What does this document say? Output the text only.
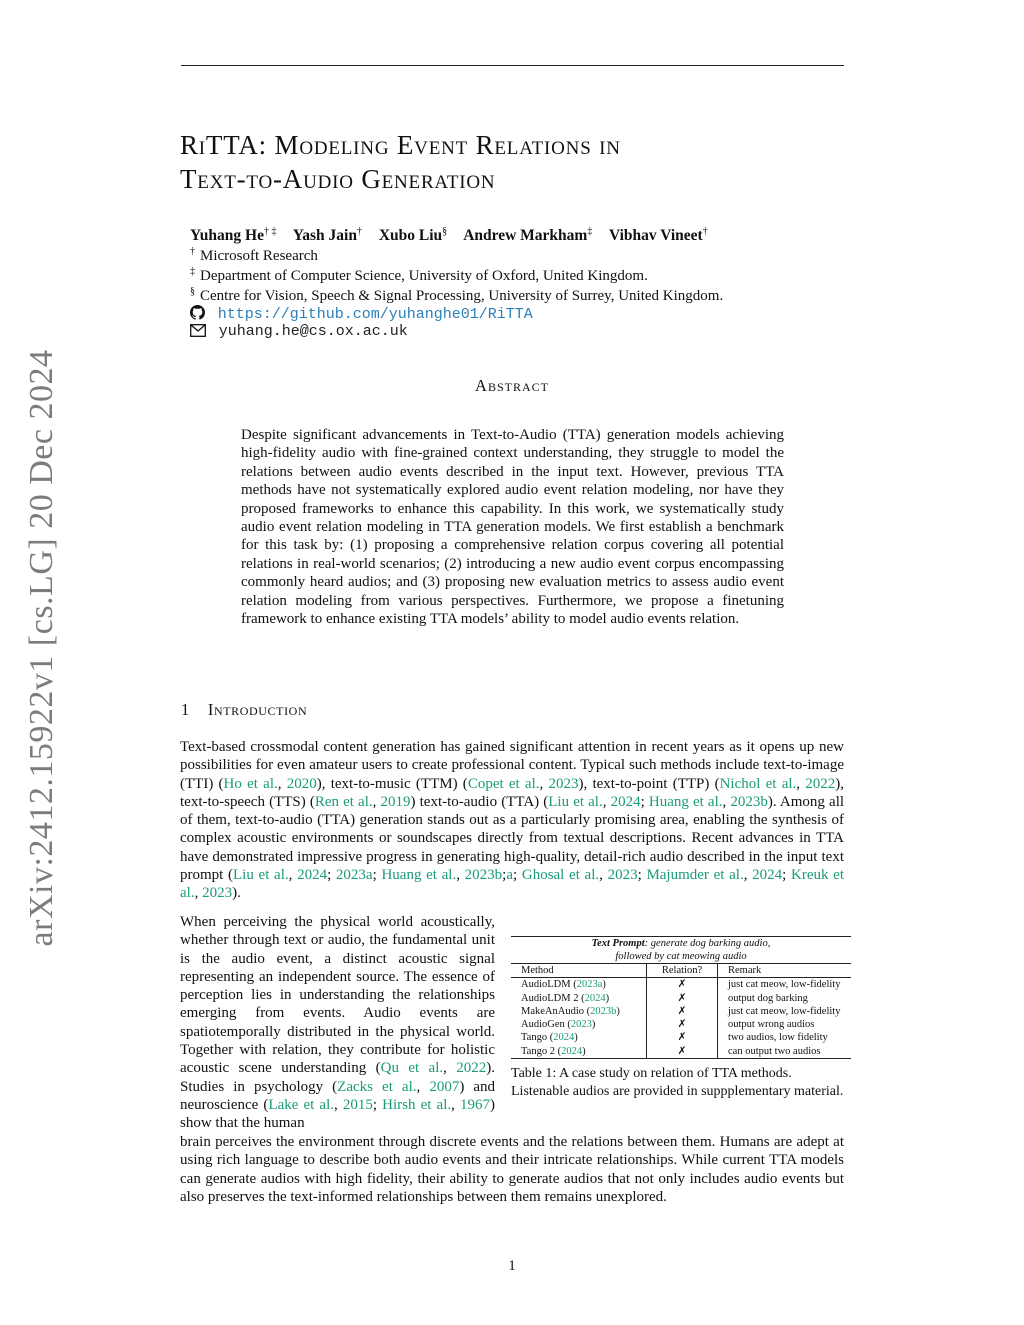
arXiv:2412.15922v1 [cs.LG] 20 Dec 2024
RiTTA: Modeling Event Relations in
Text-to-Audio Generation
Yuhang He† ‡ Yash Jain† Xubo Liu§ Andrew Markham‡ Vibhav Vineet†
† Microsoft Research
‡ Department of Computer Science, University of Oxford, United Kingdom.
§ Centre for Vision, Speech & Signal Processing, University of Surrey, United Kingdom.
https://github.com/yuhanghe01/RiTTA
yuhang.he@cs.ox.ac.uk
Abstract
Despite significant advancements in Text-to-Audio (TTA) generation models achieving high-fidelity audio with fine-grained context understanding, they struggle to model the relations between audio events described in the input text. However, previous TTA methods have not systematically explored audio event relation modeling, nor have they proposed frameworks to enhance this capability. In this work, we systematically study audio event relation modeling in TTA generation models. We first establish a benchmark for this task by: (1) proposing a comprehensive relation corpus covering all potential relations in real-world scenarios; (2) introducing a new audio event corpus encompassing commonly heard audios; and (3) proposing new evaluation metrics to assess audio event relation modeling from various perspectives. Furthermore, we propose a finetuning framework to enhance existing TTA models’ ability to model audio events relation.
1 Introduction
Text-based crossmodal content generation has gained significant attention in recent years as it opens up new possibilities for even amateur users to create professional content. Typical such methods include text-to-image (TTI) (Ho et al., 2020), text-to-music (TTM) (Copet et al., 2023), text-to-point (TTP) (Nichol et al., 2022), text-to-speech (TTS) (Ren et al., 2019) text-to-audio (TTA) (Liu et al., 2024; Huang et al., 2023b). Among all of them, text-to-audio (TTA) generation stands out as a particularly promising area, enabling the synthesis of complex acoustic environments or soundscapes directly from textual descriptions. Recent advances in TTA have demonstrated impressive progress in generating high-quality, detail-rich audio described in the input text prompt (Liu et al., 2024; 2023a; Huang et al., 2023b;a; Ghosal et al., 2023; Majumder et al., 2024; Kreuk et al., 2023).
When perceiving the physical world acoustically, whether through text or audio, the fundamental unit is the audio event, a distinct acoustic signal representing an independent source. The essence of perception lies in understanding the relationships emerging from events. Audio events are spatiotemporally distributed in the physical world. Together with relation, they contribute for holistic acoustic scene understanding (Qu et al., 2022). Studies in psychology (Zacks et al., 2007) and neuroscience (Lake et al., 2015; Hirsh et al., 1967) show that the human
Text Prompt: generate dog barking audio,
followed by cat meowing audio
Method	Relation?	Remark
AudioLDM (2023a)	✗	just cat meow, low-fidelity
AudioLDM 2 (2024)	✗	output dog barking
MakeAnAudio (2023b)	✗	just cat meow, low-fidelity
AudioGen (2023)	✗	output wrong audios
Tango (2024)	✗	two audios, low fidelity
Tango 2 (2024)	✗	can output two audios
Table 1: A case study on relation of TTA methods. Listenable audios are provided in suppplementary material.
brain perceives the environment through discrete events and the relations between them. Humans are adept at using rich language to describe both audio events and their intricate relationships. While current TTA models can generate audios with high fidelity, their ability to generate audios that not only includes audio events but also preserves the text-informed relationships between them remains unexplored.
1
